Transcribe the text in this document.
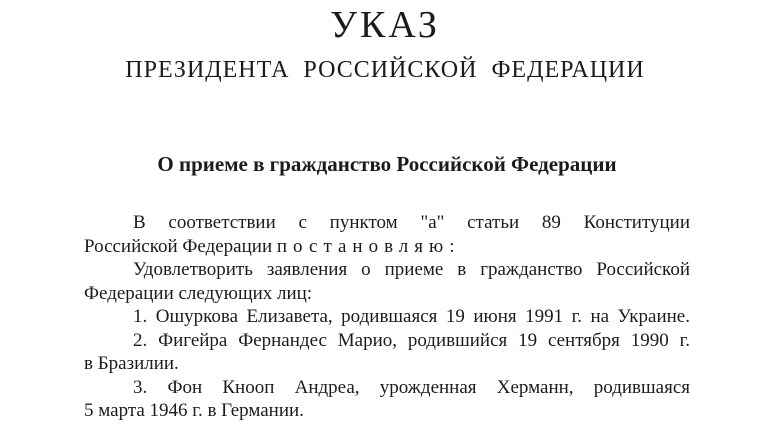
УКАЗ
ПРЕЗИДЕНТА РОССИЙСКОЙ ФЕДЕРАЦИИ
О приеме в гражданство Российской Федерации
В соответствии с пунктом "а" статьи 89 Конституции
Российской Федерации постановляю:
Удовлетворить заявления о приеме в гражданство Российской
Федерации следующих лиц:
1. Ошуркова Елизавета, родившаяся 19 июня 1991 г. на Украине.
2. Фигейра Фернандес Марио, родившийся 19 сентября 1990 г.
в Бразилии.
3. Фон Кнооп Андреа, урожденная Херманн, родившаяся
5 марта 1946 г. в Германии.
